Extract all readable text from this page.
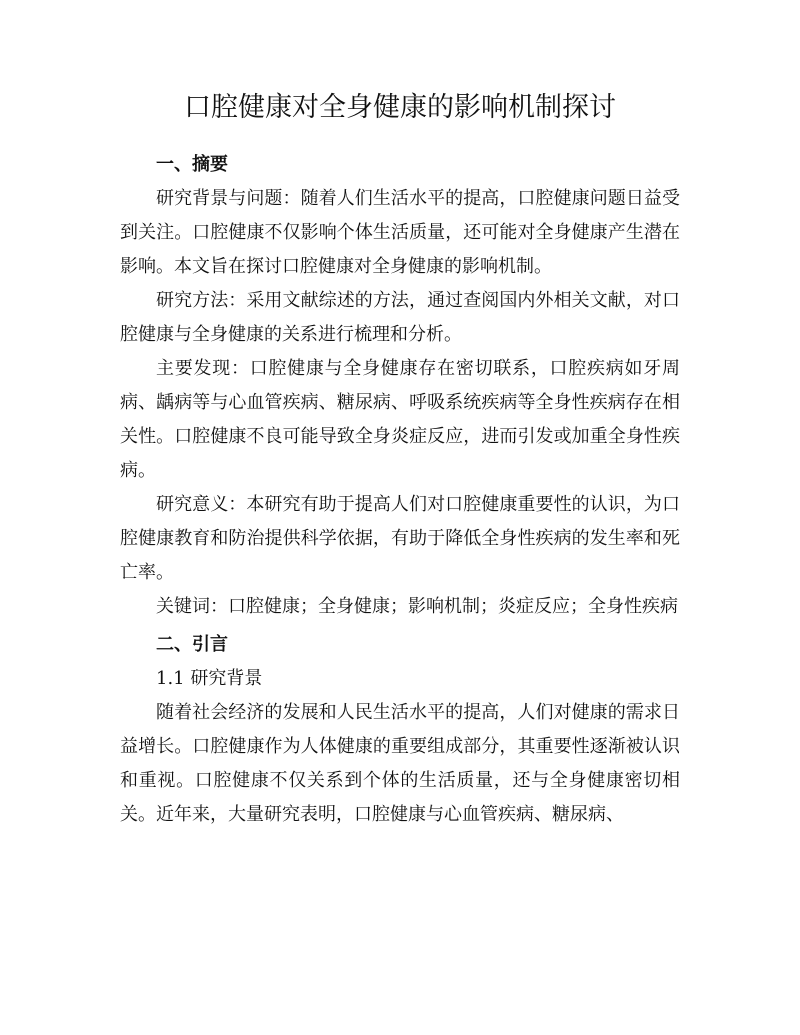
口腔健康对全身健康的影响机制探讨
一、摘要

研究背景与问题：随着人们生活水平的提高，口腔健康问题日益受到关注。口腔健康不仅影响个体生活质量，还可能对全身健康产生潜在影响。本文旨在探讨口腔健康对全身健康的影响机制。

研究方法：采用文献综述的方法，通过查阅国内外相关文献，对口腔健康与全身健康的关系进行梳理和分析。

主要发现：口腔健康与全身健康存在密切联系，口腔疾病如牙周病、龋病等与心血管疾病、糖尿病、呼吸系统疾病等全身性疾病存在相关性。口腔健康不良可能导致全身炎症反应，进而引发或加重全身性疾病。

研究意义：本研究有助于提高人们对口腔健康重要性的认识，为口腔健康教育和防治提供科学依据，有助于降低全身性疾病的发生率和死亡率。

关键词：口腔健康；全身健康；影响机制；炎症反应；全身性疾病

二、引言

1.1 研究背景

随着社会经济的发展和人民生活水平的提高，人们对健康的需求日益增长。口腔健康作为人体健康的重要组成部分，其重要性逐渐被认识和重视。口腔健康不仅关系到个体的生活质量，还与全身健康密切相关。近年来，大量研究表明，口腔健康与心血管疾病、糖尿病、
